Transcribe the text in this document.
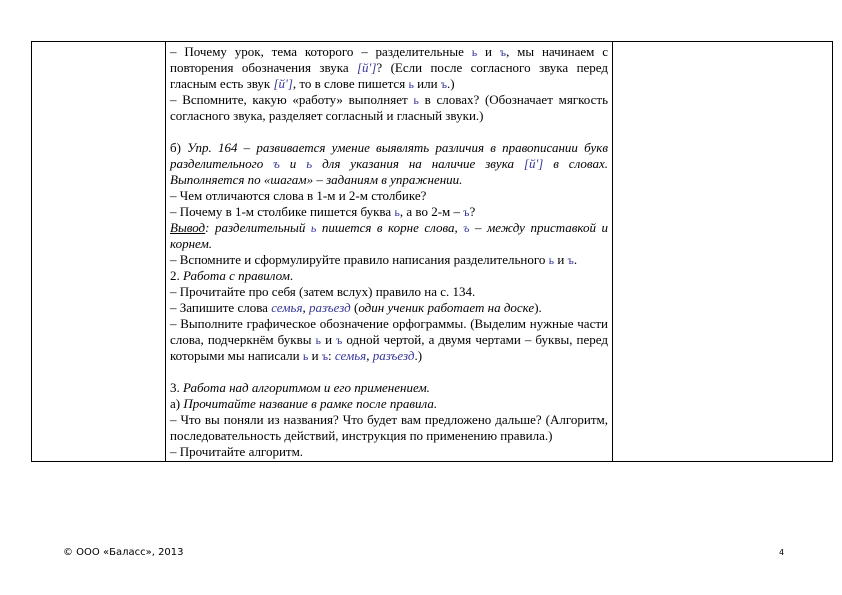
– Почему урок, тема которого – разделительные ь и ъ, мы начинаем с повторения обозначения звука [й']? (Если после согласного звука перед гласным есть звук [й'], то в слове пишется ь или ъ.)

– Вспомните, какую «работу» выполняет ь в словах? (Обозначает мягкость согласного звука, разделяет согласный и гласный звуки.)

б) Упр. 164 – развивается умение выявлять различия в правописании букв разделительного ъ и ь для указания на наличие звука [й'] в словах. Выполняется по «шагам» – заданиям в упражнении.

– Чем отличаются слова в 1-м и 2-м столбике?

– Почему в 1-м столбике пишется буква ь, а во 2-м – ъ?

Вывод: разделительный ь пишется в корне слова, ъ – между приставкой и корнем.

– Вспомните и сформулируйте правило написания разделительного ь и ъ.

2. Работа с правилом.

– Прочитайте про себя (затем вслух) правило на с. 134.

– Запишите слова семья, разъезд (один ученик работает на доске).

– Выполните графическое обозначение орфограммы. (Выделим нужные части слова, подчеркнём буквы ь и ъ одной чертой, а двумя чертами – буквы, перед которыми мы написали ь и ъ: семья, разъезд.)

3. Работа над алгоритмом и его применением.

а) Прочитайте название в рамке после правила.

– Что вы поняли из названия? Что будет вам предложено дальше? (Алгоритм, последовательность действий, инструкция по применению правила.)

– Прочитайте алгоритм.

© ООО «Баласс», 2013	4
